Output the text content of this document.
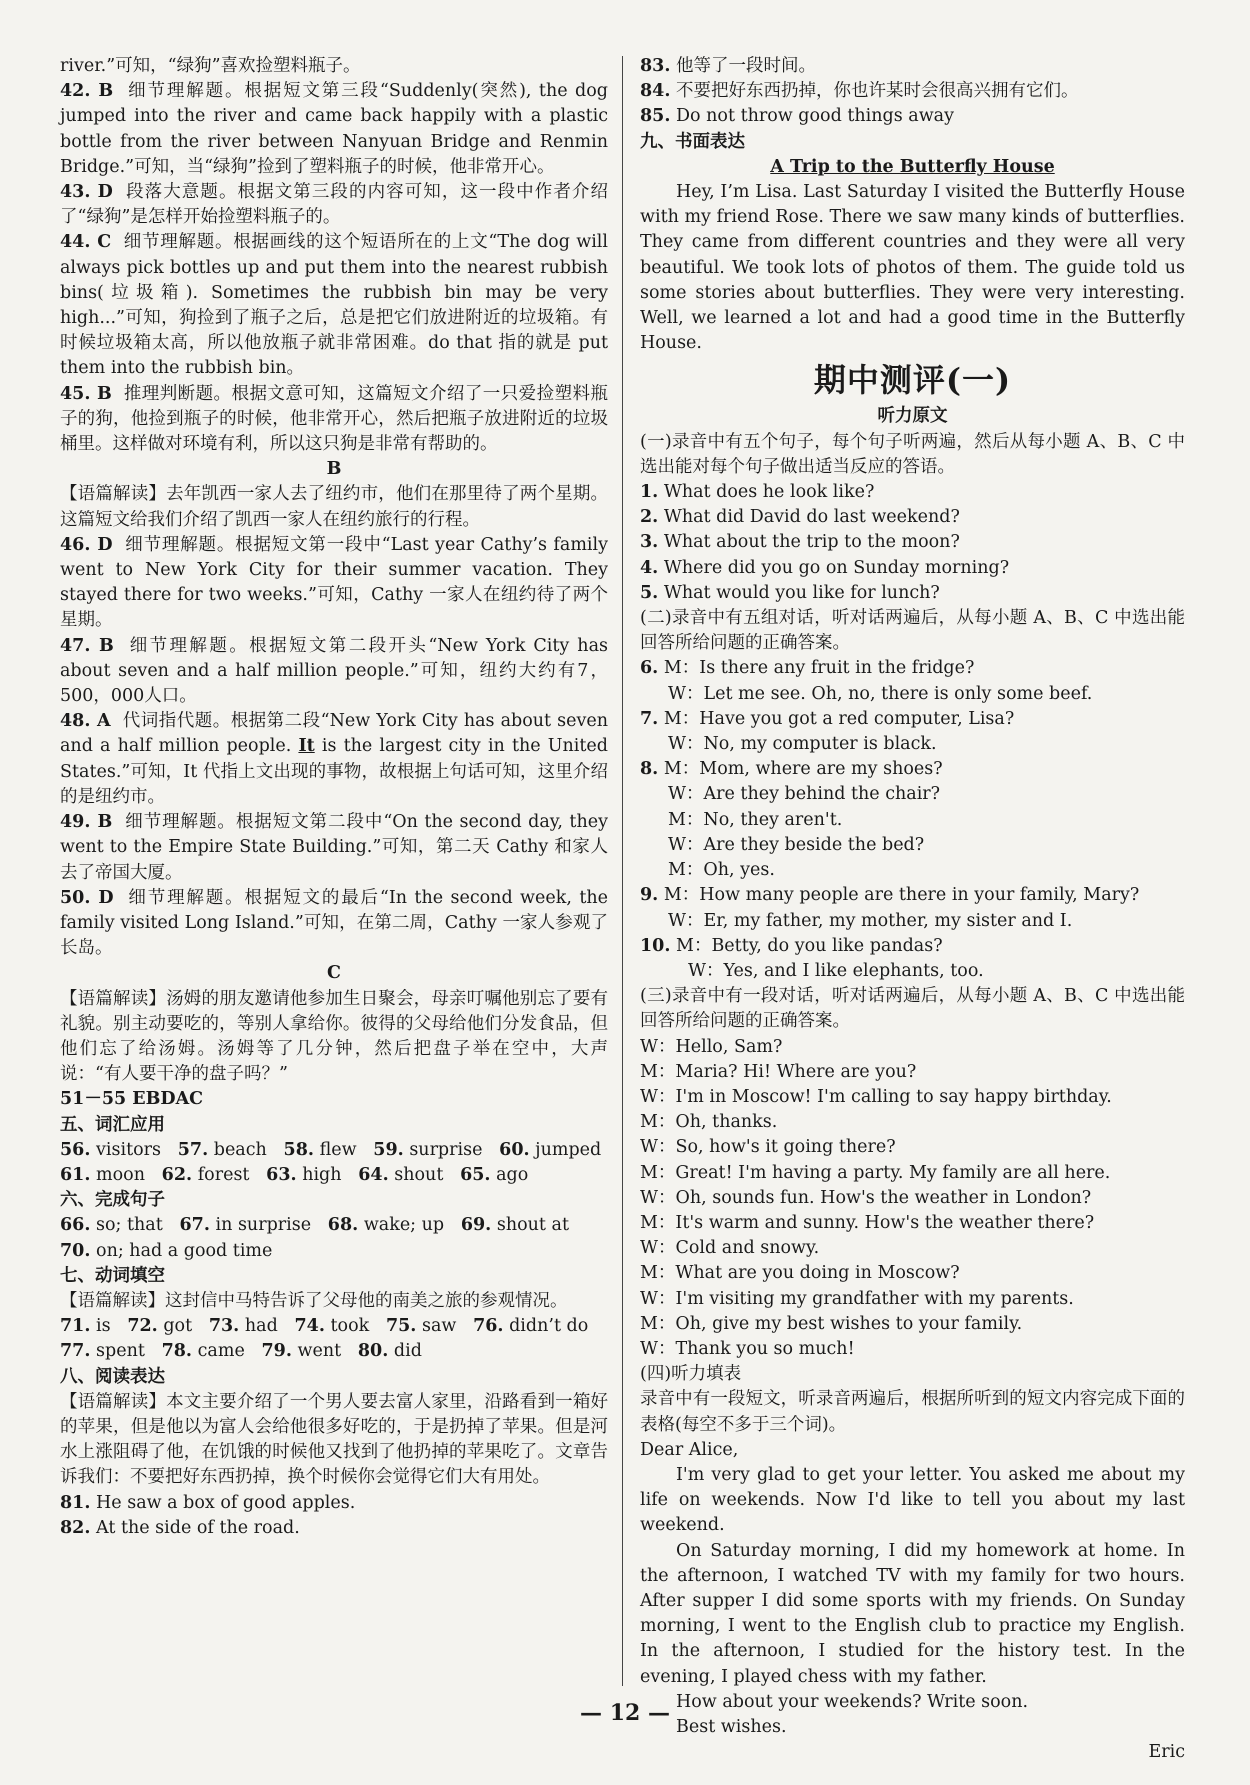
river.”可知，“绿狗”喜欢捡塑料瓶子。

42. B 细节理解题。根据短文第三段“Suddenly(突然), the dog jumped into the river and came back happily with a plastic bottle from the river between Nanyuan Bridge and Renmin Bridge.”可知，当“绿狗”捡到了塑料瓶子的时候，他非常开心。

43. D 段落大意题。根据文第三段的内容可知，这一段中作者介绍了“绿狗”是怎样开始捡塑料瓶子的。

44. C 细节理解题。根据画线的这个短语所在的上文“The dog will always pick bottles up and put them into the nearest rubbish bins(垃圾箱). Sometimes the rubbish bin may be very high...”可知，狗捡到了瓶子之后，总是把它们放进附近的垃圾箱。有时候垃圾箱太高，所以他放瓶子就非常困难。do that 指的就是 put them into the rubbish bin。

45. B 推理判断题。根据文意可知，这篇短文介绍了一只爱捡塑料瓶子的狗，他捡到瓶子的时候，他非常开心，然后把瓶子放进附近的垃圾桶里。这样做对环境有利，所以这只狗是非常有帮助的。

B

【语篇解读】去年凯西一家人去了纽约市，他们在那里待了两个星期。这篇短文给我们介绍了凯西一家人在纽约旅行的行程。

46. D 细节理解题。根据短文第一段中“Last year Cathy’s family went to New York City for their summer vacation. They stayed there for two weeks.”可知，Cathy 一家人在纽约待了两个星期。

47. B 细节理解题。根据短文第二段开头“New York City has about seven and a half million people.”可知，纽约大约有7，500，000人口。

48. A 代词指代题。根据第二段“New York City has about seven and a half million people. It is the largest city in the United States.”可知，It 代指上文出现的事物，故根据上句话可知，这里介绍的是纽约市。

49. B 细节理解题。根据短文第二段中“On the second day, they went to the Empire State Building.”可知，第二天 Cathy 和家人去了帝国大厦。

50. D 细节理解题。根据短文的最后“In the second week, the family visited Long Island.”可知，在第二周，Cathy 一家人参观了长岛。

C

【语篇解读】汤姆的朋友邀请他参加生日聚会，母亲叮嘱他别忘了要有礼貌。别主动要吃的，等别人拿给你。彼得的父母给他们分发食品，但他们忘了给汤姆。汤姆等了几分钟，然后把盘子举在空中，大声说：“有人要干净的盘子吗？”

51－55 EBDAC

五、词汇应用

56. visitors 57. beach 58. flew 59. surprise 60. jumped

61. moon 62. forest 63. high 64. shout 65. ago

六、完成句子

66. so; that 67. in surprise 68. wake; up 69. shout at

70. on; had a good time

七、动词填空

【语篇解读】这封信中马特告诉了父母他的南美之旅的参观情况。

71. is 72. got 73. had 74. took 75. saw 76. didn’t do

77. spent 78. came 79. went 80. did

八、阅读表达

【语篇解读】本文主要介绍了一个男人要去富人家里，沿路看到一箱好的苹果，但是他以为富人会给他很多好吃的，于是扔掉了苹果。但是河水上涨阻碍了他，在饥饿的时候他又找到了他扔掉的苹果吃了。文章告诉我们：不要把好东西扔掉，换个时候你会觉得它们大有用处。

81. He saw a box of good apples.

82. At the side of the road.

83. 他等了一段时间。

84. 不要把好东西扔掉，你也许某时会很高兴拥有它们。

85. Do not throw good things away

九、书面表达

A Trip to the Butterfly House

Hey, I’m Lisa. Last Saturday I visited the Butterfly House with my friend Rose. There we saw many kinds of butterflies. They came from different countries and they were all very beautiful. We took lots of photos of them. The guide told us some stories about butterflies. They were very interesting. Well, we learned a lot and had a good time in the Butterfly House.

期中测评(一)

听力原文

(一)录音中有五个句子，每个句子听两遍，然后从每小题 A、B、C 中选出能对每个句子做出适当反应的答语。

1. What does he look like?

2. What did David do last weekend?

3. What about the trip to the moon?

4. Where did you go on Sunday morning?

5. What would you like for lunch?

(二)录音中有五组对话，听对话两遍后，从每小题 A、B、C 中选出能回答所给问题的正确答案。

6. M：Is there any fruit in the fridge?

W：Let me see. Oh, no, there is only some beef.

7. M：Have you got a red computer, Lisa?

W：No, my computer is black.

8. M：Mom, where are my shoes?

W：Are they behind the chair?

M：No, they aren't.

W：Are they beside the bed?

M：Oh, yes.

9. M：How many people are there in your family, Mary?

W：Er, my father, my mother, my sister and I.

10. M：Betty, do you like pandas?

W：Yes, and I like elephants, too.

(三)录音中有一段对话，听对话两遍后，从每小题 A、B、C 中选出能回答所给问题的正确答案。

W：Hello, Sam?

M：Maria? Hi! Where are you?

W：I'm in Moscow! I'm calling to say happy birthday.

M：Oh, thanks.

W：So, how's it going there?

M：Great! I'm having a party. My family are all here.

W：Oh, sounds fun. How's the weather in London?

M：It's warm and sunny. How's the weather there?

W：Cold and snowy.

M：What are you doing in Moscow?

W：I'm visiting my grandfather with my parents.

M：Oh, give my best wishes to your family.

W：Thank you so much!

(四)听力填表

录音中有一段短文，听录音两遍后，根据所听到的短文内容完成下面的表格(每空不多于三个词)。

Dear Alice,

I'm very glad to get your letter. You asked me about my life on weekends. Now I'd like to tell you about my last weekend.

On Saturday morning, I did my homework at home. In the afternoon, I watched TV with my family for two hours. After supper I did some sports with my friends. On Sunday morning, I went to the English club to practice my English. In the afternoon, I studied for the history test. In the evening, I played chess with my father.

How about your weekends? Write soon.

Best wishes.

Eric

— 12 —
